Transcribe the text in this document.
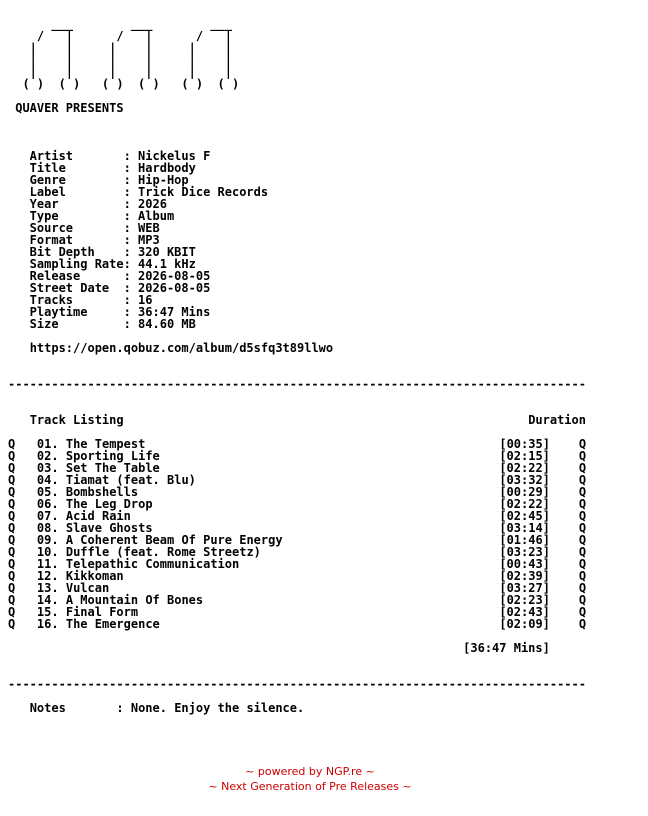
___        ___        ___
/   |      /   |      /   |
|    |     |    |     |    |
|    |     |    |     |    |
|    |     |    |     |    |
( )  ( )   ( )  ( )   ( )  ( )
QUAVER PRESENTS
Artist       : Nickelus F
Title        : Hardbody
Genre        : Hip-Hop
Label        : Trick Dice Records
Year         : 2026
Type         : Album
Source       : WEB
Format       : MP3
Bit Depth    : 320 KBIT
Sampling Rate: 44.1 kHz
Release      : 2026-08-05
Street Date  : 2026-08-05
Tracks       : 16
Playtime     : 36:47 Mins
Size         : 84.60 MB
https://open.qobuz.com/album/d5sfq3t89llwo
--------------------------------------------------------------------------------
Track Listing	Duration
Q 01. The Tempest	[00:35] Q
Q 02. Sporting Life	[02:15] Q
Q 03. Set The Table	[02:22] Q
Q 04. Tiamat (feat. Blu)	[03:32] Q
Q 05. Bombshells	[00:29] Q
Q 06. The Leg Drop	[02:22] Q
Q 07. Acid Rain	[02:45] Q
Q 08. Slave Ghosts	[03:14] Q
Q 09. A Coherent Beam Of Pure Energy	[01:46] Q
Q 10. Duffle (feat. Rome Streetz)	[03:23] Q
Q 11. Telepathic Communication	[00:43] Q
Q 12. Kikkoman	[02:39] Q
Q 13. Vulcan	[03:27] Q
Q 14. A Mountain Of Bones	[02:23] Q
Q 15. Final Form	[02:43] Q
Q 16. The Emergence	[02:09] Q
[36:47 Mins]
--------------------------------------------------------------------------------
Notes       : None. Enjoy the silence.
~ powered by NGP.re ~
~ Next Generation of Pre Releases ~
